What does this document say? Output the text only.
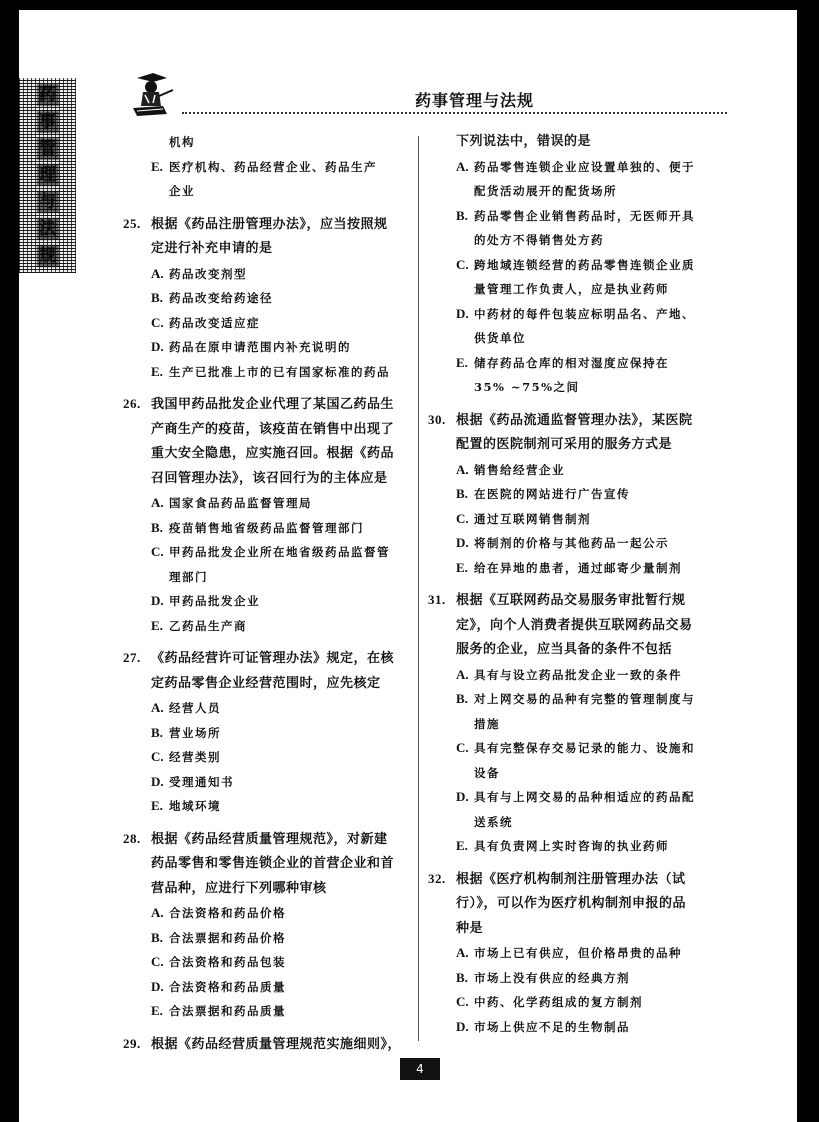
药事管理与法规
药
事
管
理
与
法
规
机构
E. 医疗机构、药品经营企业、药品生产
企业
25. 根据《药品注册管理办法》，应当按照规
定进行补充申请的是
A. 药品改变剂型
B. 药品改变给药途径
C. 药品改变适应症
D. 药品在原申请范围内补充说明的
E. 生产已批准上市的已有国家标准的药品
26. 我国甲药品批发企业代理了某国乙药品生
产商生产的疫苗，该疫苗在销售中出现了
重大安全隐患，应实施召回。根据《药品
召回管理办法》，该召回行为的主体应是
A. 国家食品药品监督管理局
B. 疫苗销售地省级药品监督管理部门
C. 甲药品批发企业所在地省级药品监督管
理部门
D. 甲药品批发企业
E. 乙药品生产商
27. 《药品经营许可证管理办法》规定，在核
定药品零售企业经营范围时，应先核定
A. 经营人员
B. 营业场所
C. 经营类别
D. 受理通知书
E. 地域环境
28. 根据《药品经营质量管理规范》，对新建
药品零售和零售连锁企业的首营企业和首
营品种，应进行下列哪种审核
A. 合法资格和药品价格
B. 合法票据和药品价格
C. 合法资格和药品包装
D. 合法资格和药品质量
E. 合法票据和药品质量
29. 根据《药品经营质量管理规范实施细则》，
下列说法中，错误的是
A. 药品零售连锁企业应设置单独的、便于
配货活动展开的配货场所
B. 药品零售企业销售药品时，无医师开具
的处方不得销售处方药
C. 跨地域连锁经营的药品零售连锁企业质
量管理工作负责人，应是执业药师
D. 中药材的每件包装应标明品名、产地、
供货单位
E. 储存药品仓库的相对湿度应保持在
35% ~75%之间
30. 根据《药品流通监督管理办法》，某医院
配置的医院制剂可采用的服务方式是
A. 销售给经营企业
B. 在医院的网站进行广告宣传
C. 通过互联网销售制剂
D. 将制剂的价格与其他药品一起公示
E. 给在异地的患者，通过邮寄少量制剂
31. 根据《互联网药品交易服务审批暂行规
定》，向个人消费者提供互联网药品交易
服务的企业，应当具备的条件不包括
A. 具有与设立药品批发企业一致的条件
B. 对上网交易的品种有完整的管理制度与
措施
C. 具有完整保存交易记录的能力、设施和
设备
D. 具有与上网交易的品种相适应的药品配
送系统
E. 具有负责网上实时咨询的执业药师
32. 根据《医疗机构制剂注册管理办法（试
行）》，可以作为医疗机构制剂申报的品
种是
A. 市场上已有供应，但价格昂贵的品种
B. 市场上没有供应的经典方剂
C. 中药、化学药组成的复方制剂
D. 市场上供应不足的生物制品
4
